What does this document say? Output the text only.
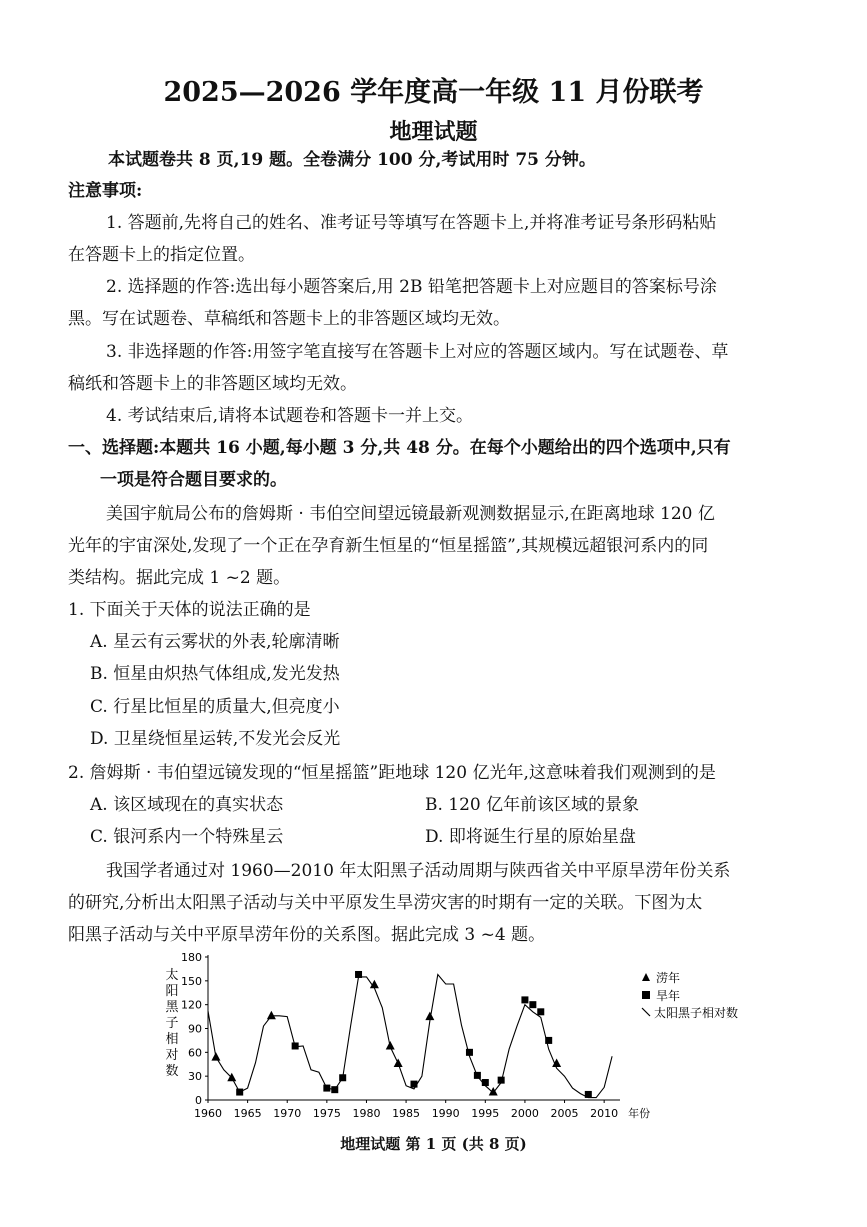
2025—2026 学年度高一年级 11 月份联考
地理试题
本试题卷共 8 页,19 题。全卷满分 100 分,考试用时 75 分钟。
注意事项:
1. 答题前,先将自己的姓名、准考证号等填写在答题卡上,并将准考证号条形码粘贴
在答题卡上的指定位置。
2. 选择题的作答:选出每小题答案后,用 2B 铅笔把答题卡上对应题目的答案标号涂
黑。写在试题卷、草稿纸和答题卡上的非答题区域均无效。
3. 非选择题的作答:用签字笔直接写在答题卡上对应的答题区域内。写在试题卷、草
稿纸和答题卡上的非答题区域均无效。
4. 考试结束后,请将本试题卷和答题卡一并上交。
一、选择题:本题共 16 小题,每小题 3 分,共 48 分。在每个小题给出的四个选项中,只有
一项是符合题目要求的。
美国宇航局公布的詹姆斯 · 韦伯空间望远镜最新观测数据显示,在距离地球 120 亿
光年的宇宙深处,发现了一个正在孕育新生恒星的“恒星摇篮”,其规模远超银河系内的同
类结构。据此完成 1 ~2 题。
1. 下面关于天体的说法正确的是
A. 星云有云雾状的外表,轮廓清晰
B. 恒星由炽热气体组成,发光发热
C. 行星比恒星的质量大,但亮度小
D. 卫星绕恒星运转,不发光会反光
2. 詹姆斯 · 韦伯望远镜发现的“恒星摇篮”距地球 120 亿光年,这意味着我们观测到的是
A. 该区域现在的真实状态	B. 120 亿年前该区域的景象
C. 银河系内一个特殊星云	D. 即将诞生行星的原始星盘
我国学者通过对 1960—2010 年太阳黑子活动周期与陕西省关中平原旱涝年份关系
的研究,分析出太阳黑子活动与关中平原发生旱涝灾害的时期有一定的关联。下图为太
阳黑子活动与关中平原旱涝年份的关系图。据此完成 3 ~4 题。
0
30
60
90
120
150
180
1960 1965 1970 1975 1980 1985 1990 1995 2000 2005 2010 年份
太
阳
黑
子
相
对
数
涝年
旱年
太阳黑子相对数
地理试题 第 1 页 (共 8 页)
